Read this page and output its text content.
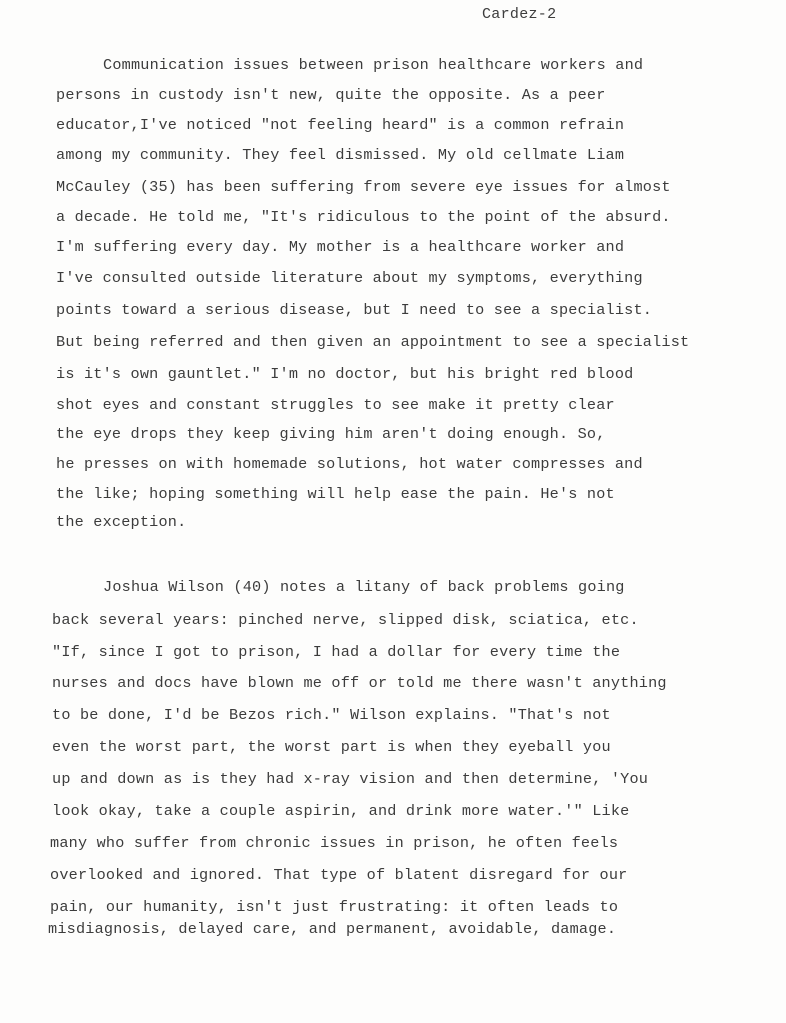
Cardez-2
Communication issues between prison healthcare workers and
persons in custody isn't new, quite the opposite. As a peer
educator,I've noticed "not feeling heard" is a common refrain
among my community. They feel dismissed. My old cellmate Liam
McCauley (35) has been suffering from severe eye issues for almost
a decade. He told me, "It's ridiculous to the point of the absurd.
I'm suffering every day. My mother is a healthcare worker and
I've consulted outside literature about my symptoms, everything
points toward a serious disease, but I need to see a specialist.
But being referred and then given an appointment to see a specialist
is it's own gauntlet." I'm no doctor, but his bright red blood
shot eyes and constant struggles to see make it pretty clear
the eye drops they keep giving him aren't doing enough. So,
he presses on with homemade solutions, hot water compresses and
the like; hoping something will help ease the pain. He's not
the exception.
Joshua Wilson (40) notes a litany of back problems going
back several years: pinched nerve, slipped disk, sciatica, etc.
"If, since I got to prison, I had a dollar for every time the
nurses and docs have blown me off or told me there wasn't anything
to be done, I'd be Bezos rich." Wilson explains. "That's not
even the worst part, the worst part is when they eyeball you
up and down as is they had x-ray vision and then determine, 'You
look okay, take a couple aspirin, and drink more water.'" Like
many who suffer from chronic issues in prison, he often feels
overlooked and ignored. That type of blatent disregard for our
pain, our humanity, isn't just frustrating: it often leads to
misdiagnosis, delayed care, and permanent, avoidable, damage.
